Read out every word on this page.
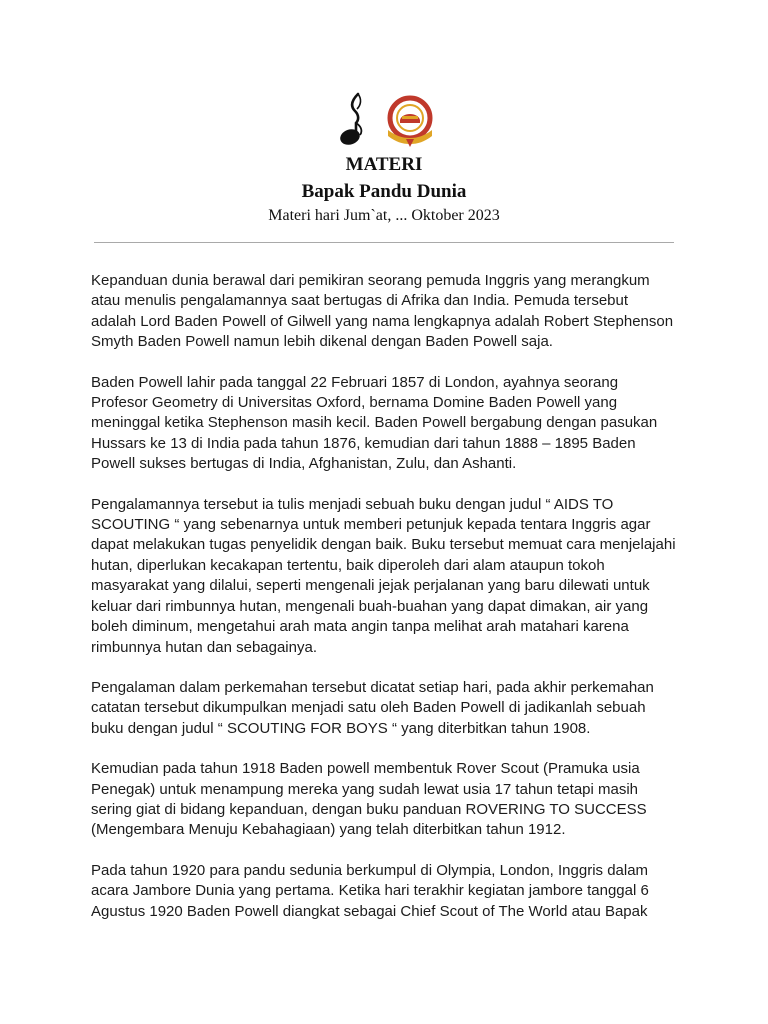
MATERI
Bapak Pandu Dunia
Materi hari Jum`at, ... Oktober 2023

Kepanduan dunia berawal dari pemikiran seorang pemuda Inggris yang merangkum
atau menulis pengalamannya saat bertugas di Afrika dan India. Pemuda tersebut
adalah Lord Baden Powell of Gilwell yang nama lengkapnya adalah Robert Stephenson
Smyth Baden Powell namun lebih dikenal dengan Baden Powell saja.

Baden Powell lahir pada tanggal 22 Februari 1857 di London, ayahnya seorang
Profesor Geometry di Universitas Oxford, bernama Domine Baden Powell yang
meninggal ketika Stephenson masih kecil. Baden Powell bergabung dengan pasukan
Hussars ke 13 di India pada tahun 1876, kemudian dari tahun 1888 – 1895 Baden
Powell sukses bertugas di India, Afghanistan, Zulu, dan Ashanti.

Pengalamannya tersebut ia tulis menjadi sebuah buku dengan judul “ AIDS TO
SCOUTING “ yang sebenarnya untuk memberi petunjuk kepada tentara Inggris agar
dapat melakukan tugas penyelidik dengan baik. Buku tersebut memuat cara menjelajahi
hutan, diperlukan kecakapan tertentu, baik diperoleh dari alam ataupun tokoh
masyarakat yang dilalui, seperti mengenali jejak perjalanan yang baru dilewati untuk
keluar dari rimbunnya hutan, mengenali buah-buahan yang dapat dimakan, air yang
boleh diminum, mengetahui arah mata angin tanpa melihat arah matahari karena
rimbunnya hutan dan sebagainya.

Pengalaman dalam perkemahan tersebut dicatat setiap hari, pada akhir perkemahan
catatan tersebut dikumpulkan menjadi satu oleh Baden Powell di jadikanlah sebuah
buku dengan judul “ SCOUTING FOR BOYS “ yang diterbitkan tahun 1908.

Kemudian pada tahun 1918 Baden powell membentuk Rover Scout (Pramuka usia
Penegak) untuk menampung mereka yang sudah lewat usia 17 tahun tetapi masih
sering giat di bidang kepanduan, dengan buku panduan ROVERING TO SUCCESS
(Mengembara Menuju Kebahagiaan) yang telah diterbitkan tahun 1912.

Pada tahun 1920 para pandu sedunia berkumpul di Olympia, London, Inggris dalam
acara Jambore Dunia yang pertama. Ketika hari terakhir kegiatan jambore tanggal 6
Agustus 1920 Baden Powell diangkat sebagai Chief Scout of The World atau Bapak
